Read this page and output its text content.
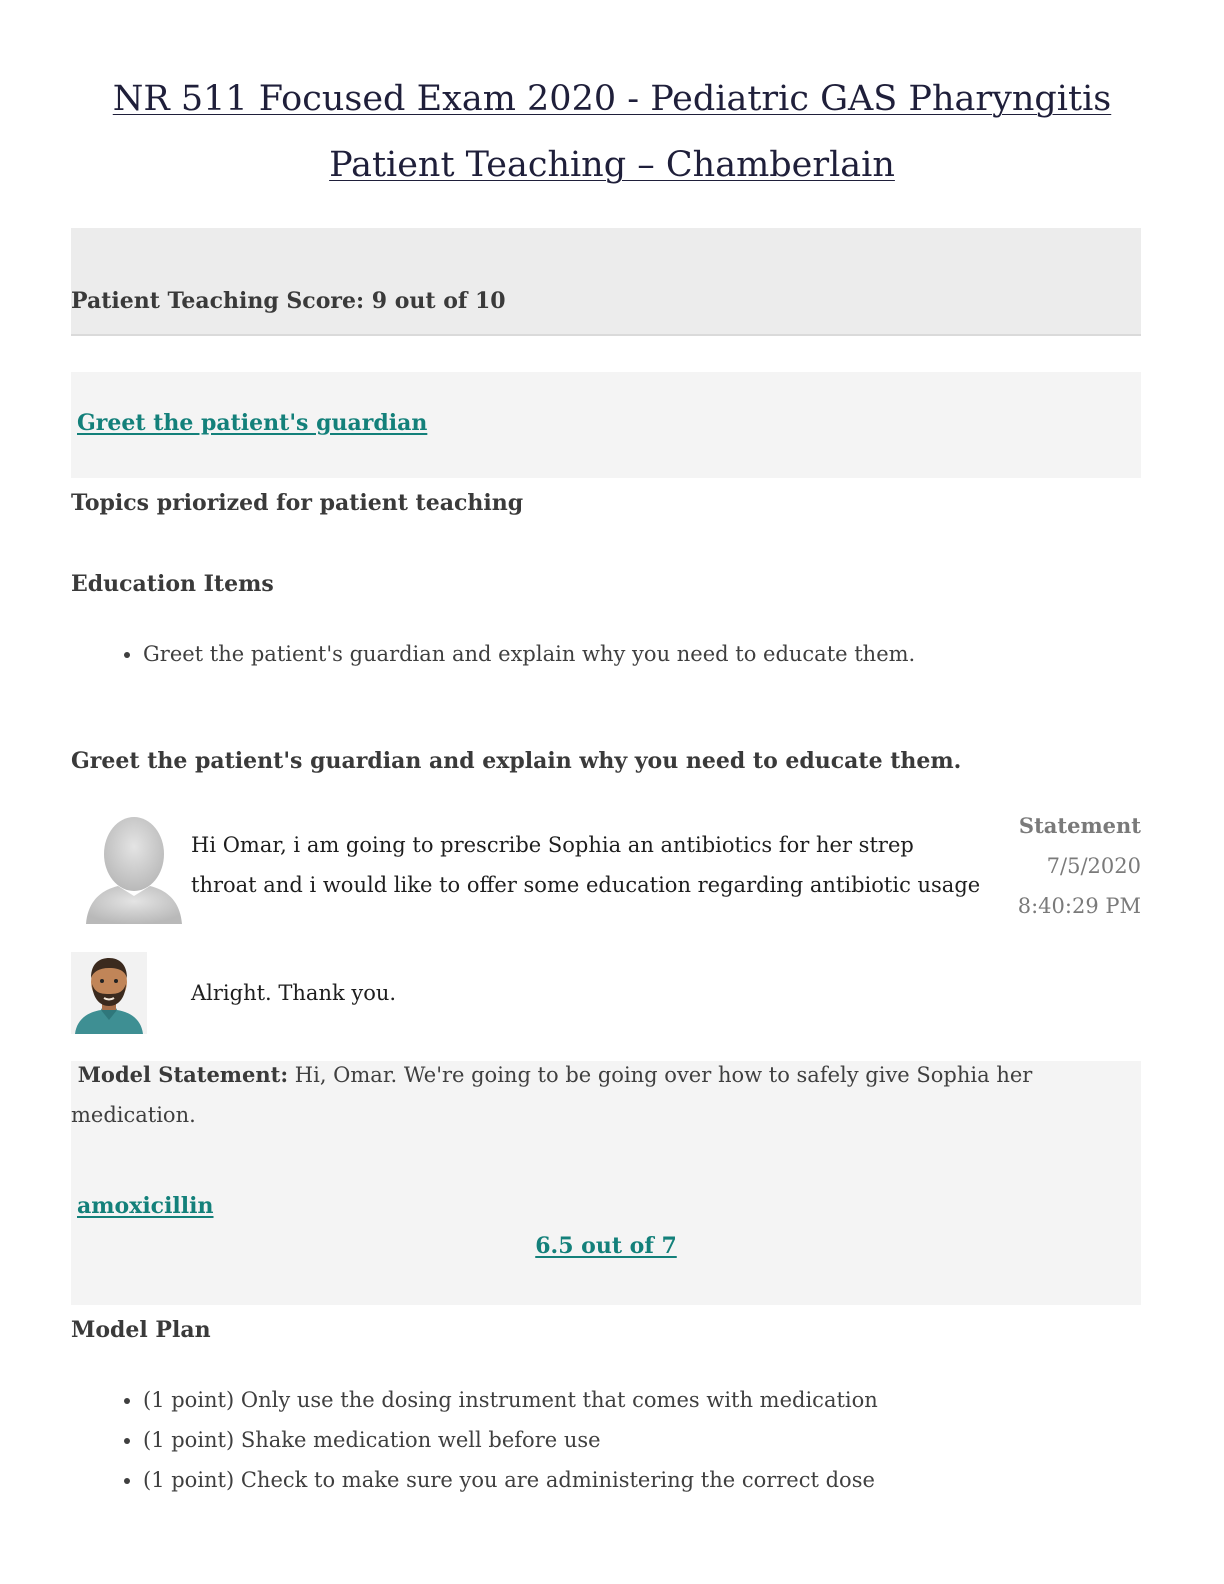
NR 511 Focused Exam 2020 - Pediatric GAS Pharyngitis
Patient Teaching – Chamberlain
Patient Teaching Score: 9 out of 10
Greet the patient's guardian
Topics priorized for patient teaching
Education Items
• Greet the patient's guardian and explain why you need to educate them.
Greet the patient's guardian and explain why you need to educate them.
Hi Omar, i am going to prescribe Sophia an antibiotics for her strep
throat and i would like to offer some education regarding antibiotic usage
Statement
7/5/2020
8:40:29 PM
Alright. Thank you.
Model Statement: Hi, Omar. We're going to be going over how to safely give Sophia her medication.
amoxicillin
6.5 out of 7
Model Plan
• (1 point) Only use the dosing instrument that comes with medication
• (1 point) Shake medication well before use
• (1 point) Check to make sure you are administering the correct dose
